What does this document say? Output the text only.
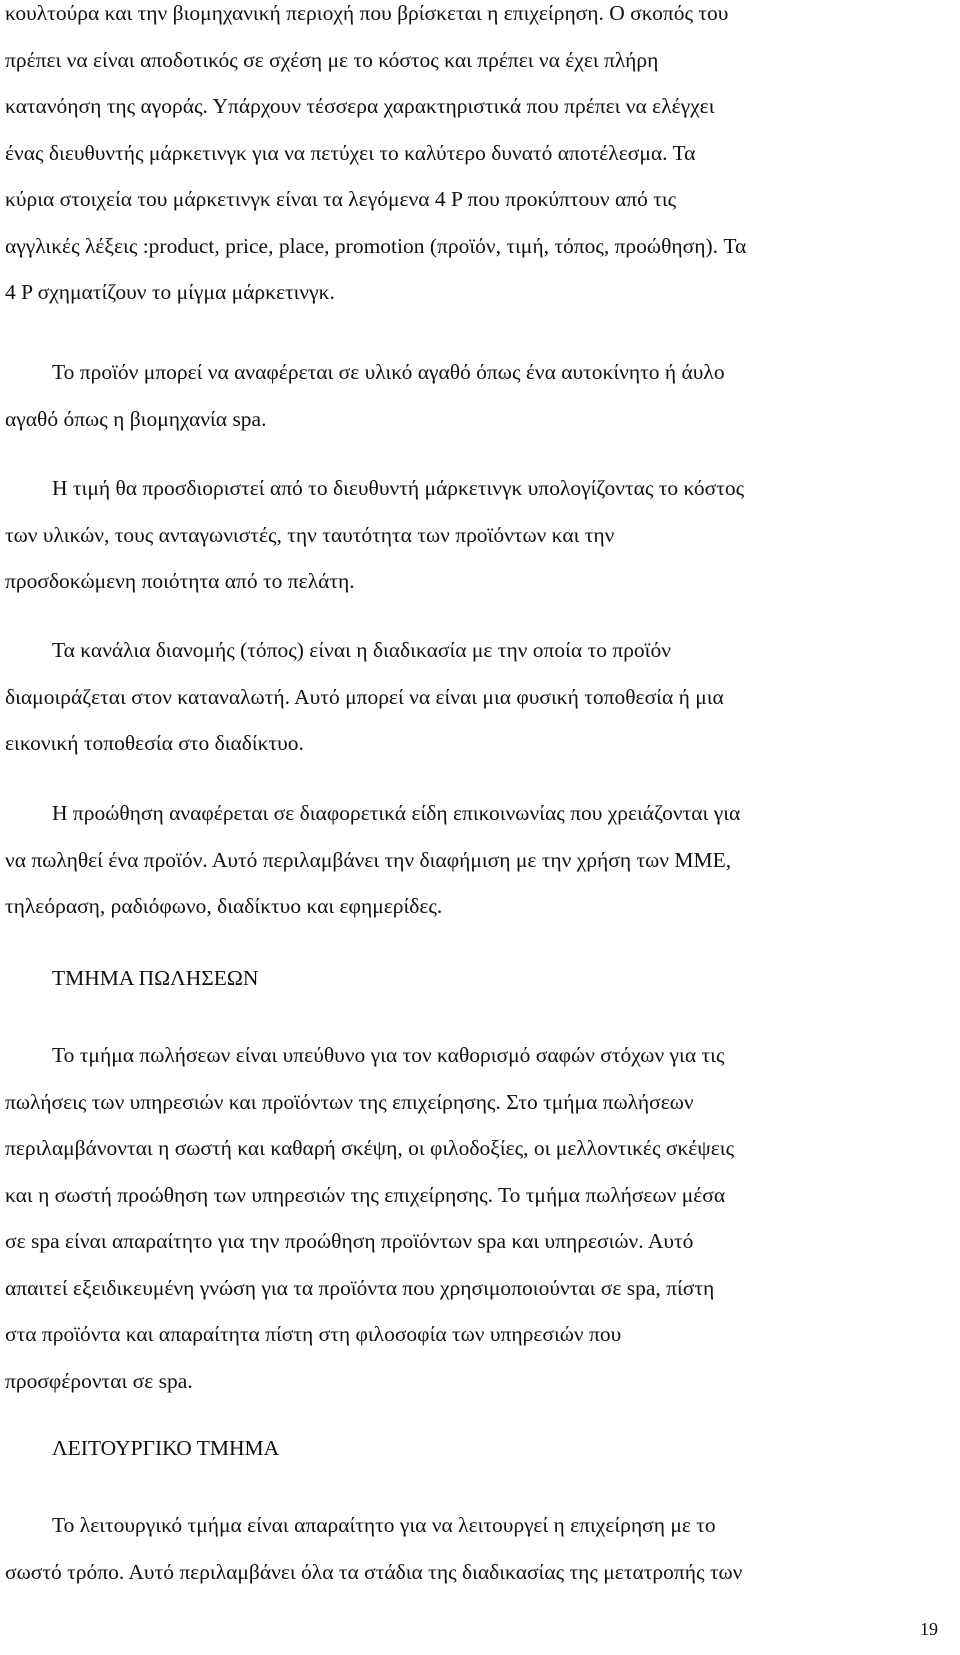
κουλτούρα και την βιομηχανική περιοχή που βρίσκεται η επιχείρηση. Ο σκοπός του
πρέπει να είναι αποδοτικός σε σχέση με το κόστος και πρέπει να έχει πλήρη
κατανόηση της αγοράς. Υπάρχουν τέσσερα χαρακτηριστικά που πρέπει να ελέγχει
ένας διευθυντής μάρκετινγκ για να πετύχει το καλύτερο δυνατό αποτέλεσμα. Τα
κύρια στοιχεία του μάρκετινγκ είναι τα λεγόμενα 4 P που προκύπτουν από τις
αγγλικές λέξεις :product, price, place, promotion (προϊόν, τιμή, τόπος, προώθηση). Τα
4 P σχηματίζουν το μίγμα μάρκετινγκ.
Το προϊόν μπορεί να αναφέρεται σε υλικό αγαθό όπως ένα αυτοκίνητο ή άυλο
αγαθό όπως η βιομηχανία spa.
Η τιμή θα προσδιοριστεί από το διευθυντή μάρκετινγκ υπολογίζοντας το κόστος
των υλικών, τους ανταγωνιστές, την ταυτότητα των προϊόντων και την
προσδοκώμενη ποιότητα από το πελάτη.
Τα κανάλια διανομής (τόπος) είναι η διαδικασία με την οποία το προϊόν
διαμοιράζεται στον καταναλωτή. Αυτό μπορεί να είναι μια φυσική τοποθεσία ή μια
εικονική τοποθεσία στο διαδίκτυο.
Η προώθηση αναφέρεται σε διαφορετικά είδη επικοινωνίας που χρειάζονται για
να πωληθεί ένα προϊόν. Αυτό περιλαμβάνει την διαφήμιση με την χρήση των ΜΜΕ,
τηλεόραση, ραδιόφωνο, διαδίκτυο και εφημερίδες.
ΤΜΗΜΑ ΠΩΛΗΣΕΩΝ
Το τμήμα πωλήσεων είναι υπεύθυνο για τον καθορισμό σαφών στόχων για τις
πωλήσεις των υπηρεσιών και προϊόντων της επιχείρησης. Στο τμήμα πωλήσεων
περιλαμβάνονται η σωστή και καθαρή σκέψη, οι φιλοδοξίες, οι μελλοντικές σκέψεις
και η σωστή προώθηση των υπηρεσιών της επιχείρησης. Το τμήμα πωλήσεων μέσα
σε spa είναι απαραίτητο για την προώθηση προϊόντων spa και υπηρεσιών. Αυτό
απαιτεί εξειδικευμένη γνώση για τα προϊόντα που χρησιμοποιούνται σε spa, πίστη
στα προϊόντα και απαραίτητα πίστη στη φιλοσοφία των υπηρεσιών που
προσφέρονται σε spa.
ΛΕΙΤΟΥΡΓΙΚΟ ΤΜΗΜΑ
Το λειτουργικό τμήμα είναι απαραίτητο για να λειτουργεί η επιχείρηση με το
σωστό τρόπο. Αυτό περιλαμβάνει όλα τα στάδια της διαδικασίας της μετατροπής των
19
